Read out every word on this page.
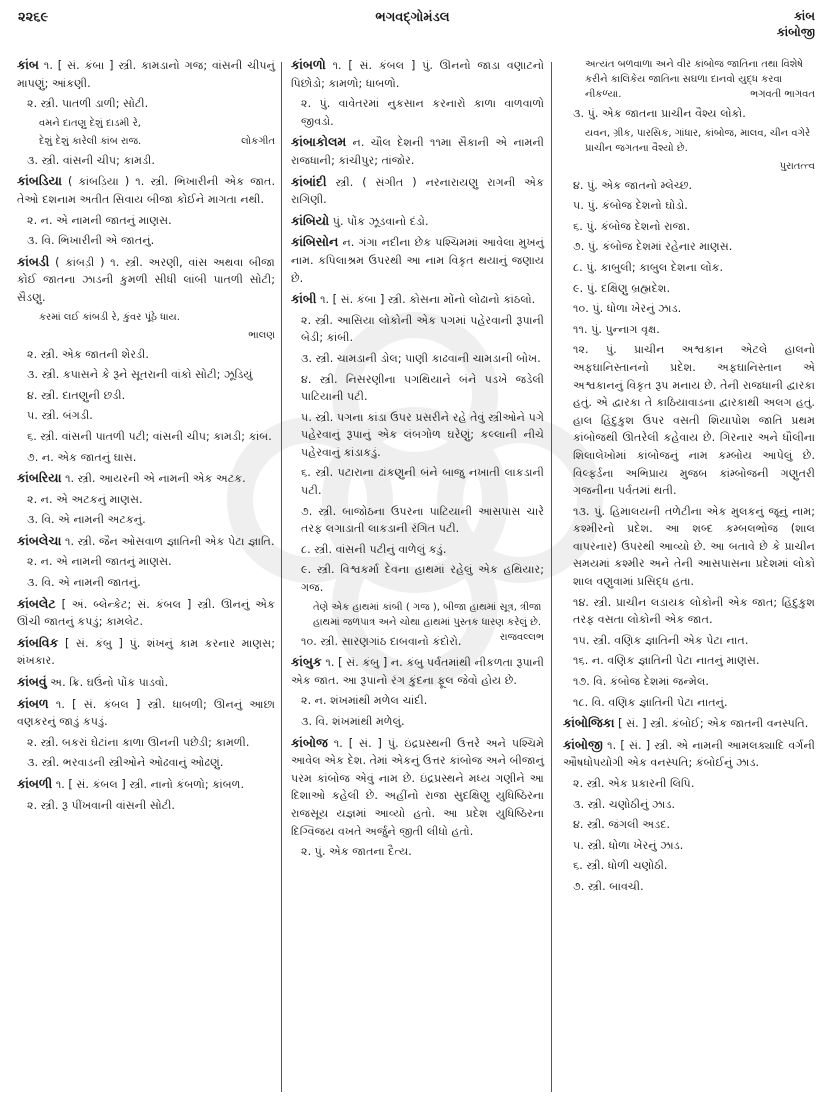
૨૨૬૯	ભગવદ્ગોમંડલ	કાંબ
કાંબોજી
કાંબ ૧. [ સં. કંબા ] સ્ત્રી. કામડાનો ગજ; વાંસની ચીપનું માપણું; આંકણી.
૨. સ્ત્રી. પાતળી ડાળી; સોટી.
વમને દાતણુ દેશું દાડમી રે,
દેશું દેશું કારેલી કાંબ રાજ.	લોકગીત
૩. સ્ત્રી. વાંસની ચીપ; કામડી.
કાંબડિયા ( કાંબડ઼િયા ) ૧. સ્ત્રી. ભિખારીની એક જાત. તેઓ દશનામ અતીત સિવાય બીજા કોઈને માગતા નથી.
૨. ન. એ નામની જાતનું માણસ.
૩. વિ. ભિખારીની એ જાતનું.
કાંબડી ( કાંબડ઼ી ) ૧. સ્ત્રી. અરણી, વાંસ અથવા બીજા કોઈ જાતના ઝાડની કુમળી સીધી લાંબી પાતળી સોટી; સૈડણુ.
કરમાં લઈ કાંબડી રે, કુંવર પૂંઠે ધાય.
ભાલણ
૨. સ્ત્રી. એક જાતની શેરડી.
૩. સ્ત્રી. કપાસને કે રૂને સૂતરાની વાંકો સોટી; ઝૂડિયું
૪. સ્ત્રી. દાતણુની છડી.
૫. સ્ત્રી. બંગડી.
૬. સ્ત્રી. વાંસની પાતળી પટી; વાંસની ચીપ; કામડી; કાંબ.
૭. ન. એક જાતનું ઘાસ.
કાંબરિયા ૧. સ્ત્રી. આયરની એ નામની એક અટક.
૨. ન. એ અટકનું માણસ.
૩. વિ. એ નામની અટકનું.
કાંબલેચા ૧. સ્ત્રી. જૈન ઓસવાળ જ્ઞાતિની એક પેટા જ્ઞાતિ.
૨. ન. એ નામની જાતનું માણસ.
૩. વિ. એ નામની જાતનું.
કાંબલેટ [ અં. બ્લેન્કેટ; સં. કંબલ ] સ્ત્રી. ઊનનું એક ઊંચી જાતનું કપડું; કામલેટ.
કાંબવિક [ સં. કંબુ ] પું. શંખનું કામ કરનાર માણસ; શંખકાર.
કાંબવું અ. ક્રિ. ઘઉંનો પોંક પાડવો.
કાંબળ ૧. [ સં. કંબલ ] સ્ત્રી. ધાબળી; ઊનનું આછા વણકરનું જાડું કપડું.
૨. સ્ત્રી. બકરાં ઘેટાંના કાળા ઊનની પછેડી; કામળી.
૩. સ્ત્રી. ભરવાડની સ્ત્રીઓને ઓઢવાનું ઓઢણું.
કાંબળી ૧. [ સં. કંબલ ] સ્ત્રી. નાનો કંબળો; કાંબળ.
૨. સ્ત્રી. રૂ પીંખવાની વાંસની સોટી.
કાંબળો ૧. [ સં. કંબલ ] પું. ઊનનો જાડા વણાટનો પિછોડો; કામળો; ધાબળો.
૨. પું. વાવેતરમાં નુકસાન કરનારો કાળા વાળવાળો જીવડો.
કાંબાકોલમ ન. ચૌલ દેશની ૧૧મા સૈકાની એ નામની રાજધાની; કાંચીપુર; તાંજોર.
કાંબાંદી સ્ત્રી. ( સંગીત ) નરનારાયણુ રાગની એક રાગિણી.
કાંબિયો પું. પોંક ઝૂડવાનો દંડો.
કાંબિસોન ન. ગંગા નદીના છેક પશ્ચિમમાં આવેલા મુખનું નામ. કપિલાશ્રમ ઉપરથી આ નામ વિકૃત થયાનું જણાય છે.
કાંબી ૧. [ સં. કંબા ] સ્ત્રી. કોસના મોંનો લોઢાનો કાંઠલો.
૨. સ્ત્રી. આસિયા લોકોની એક પગમાં પહેરવાની રૂપાની બેડી; કાંબી.
૩. સ્ત્રી. ચામડાની ડોલ; પાણી કાઢવાની ચામડાની બોખ.
૪. સ્ત્રી. નિસરણીના પગથિયાને બંને પડખે જડેલી પાટિયાની પટી.
૫. સ્ત્રી. પગના કાંડા ઉપર પ્રસરીને રહે તેવું સ્ત્રીઓને પગે પહેરવાનું રૂપાનું એક લંબગોળ ઘરેણું; કલ્લાની નીચે પહેરવાનું કાંડાકડું.
૬. સ્ત્રી. પટારાના ઢાંકણુની બંને બાજુ નખાતી લાકડાની પટી.
૭. સ્ત્રી. બાજોઠના ઉપરના પાટિયાની આસપાસ ચારે તરફ લગાડાતી લાકડાની રંગિત પટી.
૮. સ્ત્રી. વાંસની પટીનું વાળેલું કડું.
૯. સ્ત્રી. વિશ્વકર્મા દેવના હાથમાં રહેલું એક હથિયાર; ગજ.
તેણે એક હાથમાં કાંબી ( ગજ ), બીજા હાથમાં સૂત્ર, ત્રીજા હાથમાં જળપાત્ર અને ચોથા હાથમાં પુસ્તક ધારણ કરેલું છે.
રાજવલ્લભ
૧૦. સ્ત્રી. સારણગાંઠ દાબવાનો કંદોરો.
કાંબુક ૧. [ સં. કંબુ ] ન. કંબુ પર્વતમાંથી નીકળતા રૂપાની એક જાત. આ રૂપાનો રંગ કુંદના ફૂલ જેવો હોય છે.
૨. ન. શંખમાંથી મળેલ ચાંદી.
૩. વિ. શંખમાંથી મળેલું.
કાંબોજ ૧. [ સં. ] પું. ઇંદ્રપ્રસ્થની ઉત્તરે અને પશ્ચિમે આવેલ એક દેશ. તેમાં એકનું ઉત્તર કાંબોજ અને બીજાનું પરમ કાંબોજ એવું નામ છે. ઇંદ્રપ્રસ્થને મધ્ય ગણીને આ દિશાઓ કહેલી છે. અહીંનો રાજા સુદક્ષિણુ યુધિષ્ઠિરના રાજસૂય યજ્ઞમાં આવ્યો હતો. આ પ્રદેશ યુધિષ્ઠિરના દિગ્વિજય વખતે અર્જુને જીતી લીધો હતો.
૨. પું. એક જાતના દૈત્ય.
અત્યંત બળવાળા અને વીર કાંબોજ જાતિના તથા વિશેષે કરીને કાલિકેય જાતિના સઘળા દાનવો યુદ્ધ કરવા નીકળ્યા.	ભગવતી ભાગવત
૩. પું. એક જાતના પ્રાચીન વૈશ્ય લોકો.
યવન, ગ્રીક, પારસિક, ગાંધાર, કાંબોજ, માલવ, ચીન વગેરે પ્રાચીન જગતના વૈશ્યો છે.
પુરાતત્ત્વ
૪. પું. એક જાતનો મ્લેચ્છ.
૫. પું. કંબોજ દેશનો ઘોડો.
૬. પું. કંબોજ દેશનો રાજા.
૭. પું. કંબોજ દેશમાં રહેનાર માણસ.
૮. પું. કાબુલી; કાબુલ દેશના લોક.
૯. પું. દક્ષિણુ બ્રહ્મદેશ.
૧૦. પું. ધોળા ખેરનું ઝાડ.
૧૧. પું. પુન્નાગ વૃક્ષ.
૧૨. પું. પ્રાચીન અશ્વકાન એટલે હાલનો અફઘાનિસ્તાનનો પ્રદેશ. અફઘાનિસ્તાન એ અશ્વકાનનું વિકૃત રૂપ મનાય છે. તેની રાજધાની દ્વારકા હતું. એ દ્વારકા તે કાઠિયાવાડના દ્વારકાથી અલગ હતું. હાલ હિંદુકુશ ઉપર વસતી શિયાપોશ જાતિ પ્રથમ કાંબોજથી ઊતરેલી કહેવાય છે. ગિરનાર અને ધૌલીના શિલાલેખોમાં કાંબોજનું નામ કમ્બોય આપેલું છે. વિલ્ફર્ડના અભિપ્રાય મુજબ કાંમ્બોજની ગણુતરી ગજનીના પર્વતમાં થતી.
૧૩. પું. હિમાલયની તળેટીના એક મુલકનું જૂનું નામ; કશ્મીરનો પ્રદેશ. આ શબ્દ કમ્બલભોજ (શાલ વાપરનાર) ઉપરથી આવ્યો છે. આ બતાવે છે કે પ્રાચીન સમયમાં કશ્મીર અને તેની આસપાસના પ્રદેશમાં લોકો શાલ વણુવામાં પ્રસિદ્ધ હતા.
૧૪. સ્ત્રી. પ્રાચીન લડાયક લોકોની એક જાત; હિંદુકુશ તરફ વસતા લોકોની એક જાત.
૧૫. સ્ત્રી. વણિક જ્ઞાતિની એક પેટા નાત.
૧૬. ન. વણિક જ્ઞાતિની પેટા નાતનું માણસ.
૧૭. વિ. કંબોજ દેશમાં જન્મેલ.
૧૮. વિ. વણિક જ્ઞાતિની પેટા નાતનું.
કાંબોજિકા [ સં. ] સ્ત્રી. કંબોઈ; એક જાતની વનસ્પતિ.
કાંબોજી ૧. [ સં. ] સ્ત્રી. એ નામની આમલક્યાદિ વર્ગની ઔષધોપયોગી એક વનસ્પતિ; કંબોઈનું ઝાડ.
૨. સ્ત્રી. એક પ્રકારની લિપિ.
૩. સ્ત્રી. ચણોઠીનું ઝાડ.
૪. સ્ત્રી. જંગલી અડદ.
૫. સ્ત્રી. ધોળા ખેરનું ઝાડ.
૬. સ્ત્રી. ધોળી ચણોઠી.
૭. સ્ત્રી. બાવચી.
